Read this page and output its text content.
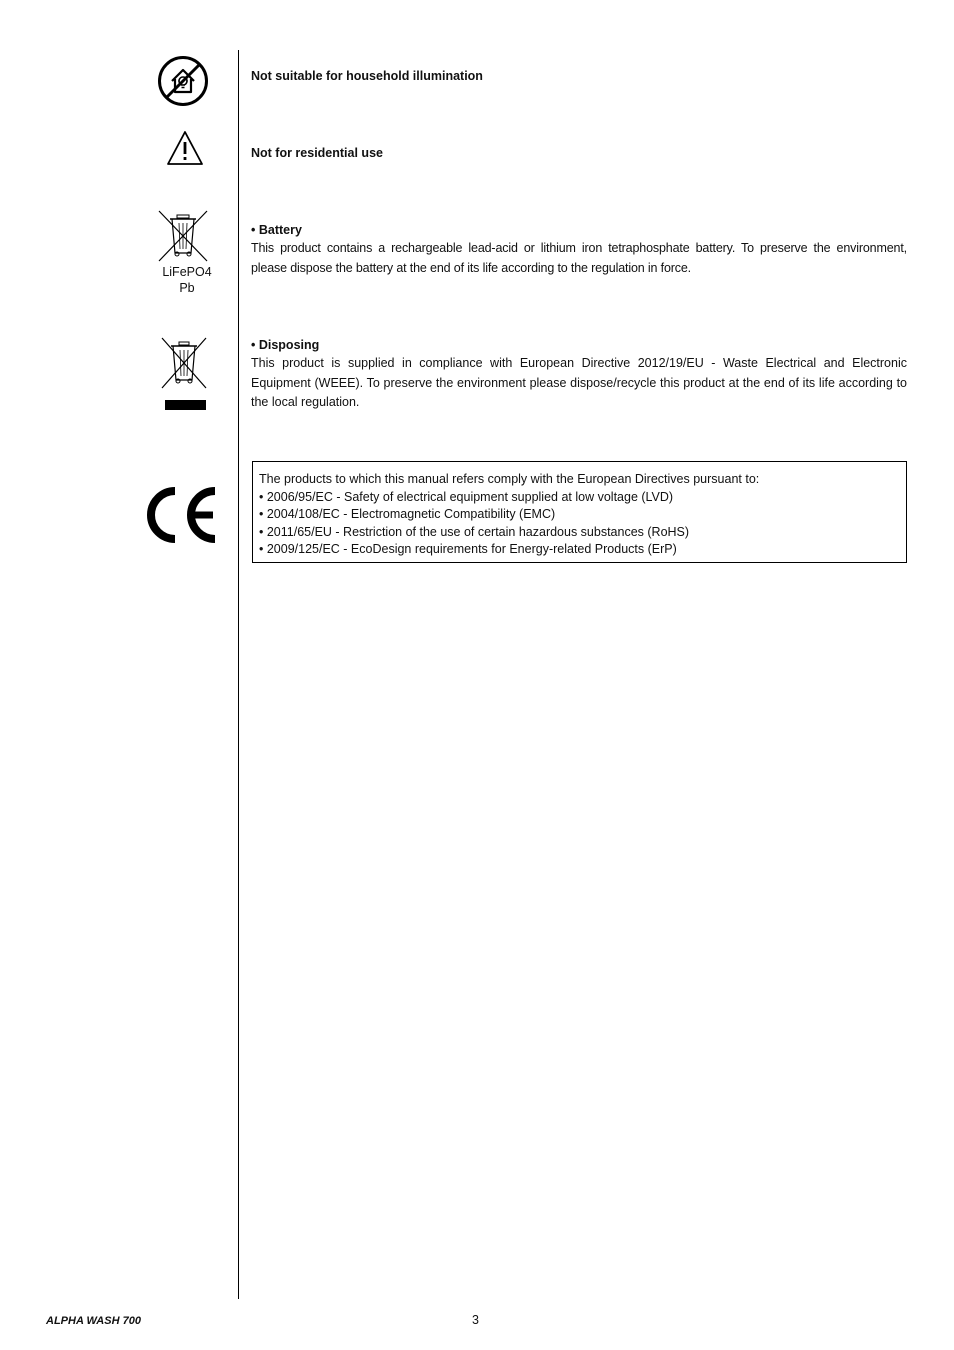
Not suitable for household illumination

Not for residential use

LiFePO4
Pb

• Battery

This product contains a rechargeable lead-acid or lithium iron tetraphosphate battery. To preserve the environment, please dispose the battery at the end of its life according to the regulation in force.

• Disposing

This product is supplied in compliance with European Directive 2012/19/EU - Waste Electrical and Electronic Equipment (WEEE). To preserve the environment please dispose/recycle this product at the end of its life according to the local regulation.

The products to which this manual refers comply with the European Directives pursuant to:
• 2006/95/EC - Safety of electrical equipment supplied at low voltage (LVD)
• 2004/108/EC - Electromagnetic Compatibility (EMC)
• 2011/65/EU - Restriction of the use of certain hazardous substances (RoHS)
• 2009/125/EC - EcoDesign requirements for Energy-related Products (ErP)
ALPHA WASH 700	3
